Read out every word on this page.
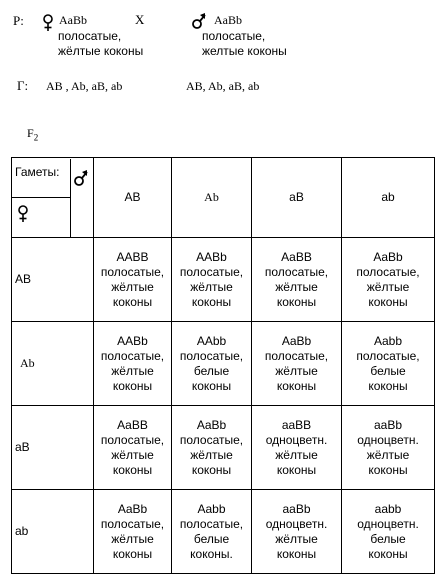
P:	AaBb
полосатые,
жёлтые коконы
X	AaBb
полосатые,
желтые коконы
Г: AB , Ab, aB, ab	AB, Ab, aB, ab
$F_2$
Гаметы:	AB	Ab	aB	ab
AB	AABB
полосатые,
жёлтые
коконы	AABb
полосатые,
жёлтые
коконы	AaBB
полосатые,
жёлтые
коконы	AaBb
полосатые,
жёлтые
коконы

Ab	AABb
полосатые,
жёлтые
коконы	AAbb
полосатые,
белые
коконы	AaBb
полосатые,
жёлтые
коконы	Aabb
полосатые,
белые
коконы

aB	AaBB
полосатые,
жёлтые
коконы	AaBb
полосатые,
жёлтые
коконы	aaBB
одноцветн.
жёлтые
коконы	aaBb
одноцветн.
жёлтые
коконы

ab	AaBb
полосатые,
жёлтые
коконы	Aabb
полосатые,
белые
коконы.	aaBb
одноцветн.
жёлтые
коконы	aabb
одноцветн.
белые
коконы
